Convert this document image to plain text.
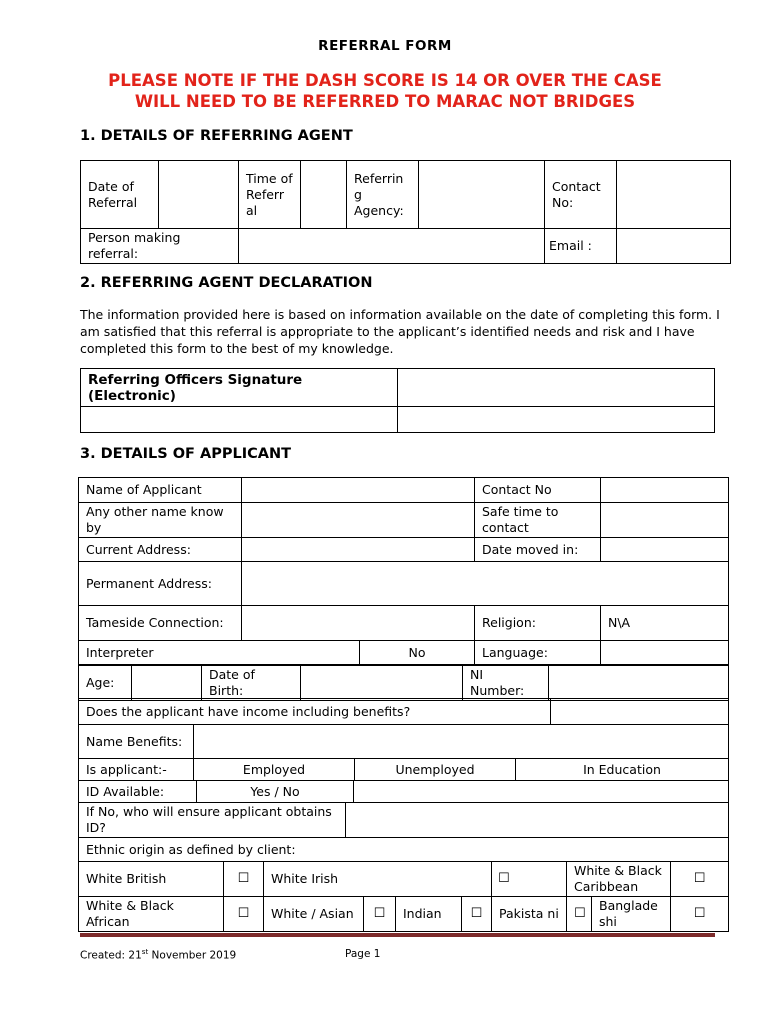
REFERRAL FORM
PLEASE NOTE IF THE DASH SCORE IS 14 OR OVER THE CASE
WILL NEED TO BE REFERRED TO MARAC NOT BRIDGES
1. DETAILS OF REFERRING AGENT
Date of Referral		Time of Referr al		Referrin g Agency:		Contact No:	
Person making referral:						Email :	
2. REFERRING AGENT DECLARATION
The information provided here is based on information available on the date of completing this form. I am satisfied that this referral is appropriate to the applicant’s identified needs and risk and I have completed this form to the best of my knowledge.
Referring Officers Signature (Electronic)	

3. DETAILS OF APPLICANT
Name of Applicant			Contact No	
Any other name know by			Safe time to contact	
Current Address:			Date moved in:	
Permanent Address:				
Tameside Connection:			Religion:	N\A
Interpreter		No	Language:	
Age:		Date of Birth:		NI Number:	
Does the applicant have income including benefits?	
Name Benefits:			
Is applicant:-	Employed	Unemployed	In Education
ID Available:	Yes / No	
If No, who will ensure applicant obtains ID?	
Ethnic origin as defined by client:
White British	☐	White Irish				☐	White & Black Caribbean		☐
White & Black African	☐	White / Asian	☐	Indian	☐	Pakista ni	☐	Banglade shi	☐
Created: 21st November 2019	Page 1
